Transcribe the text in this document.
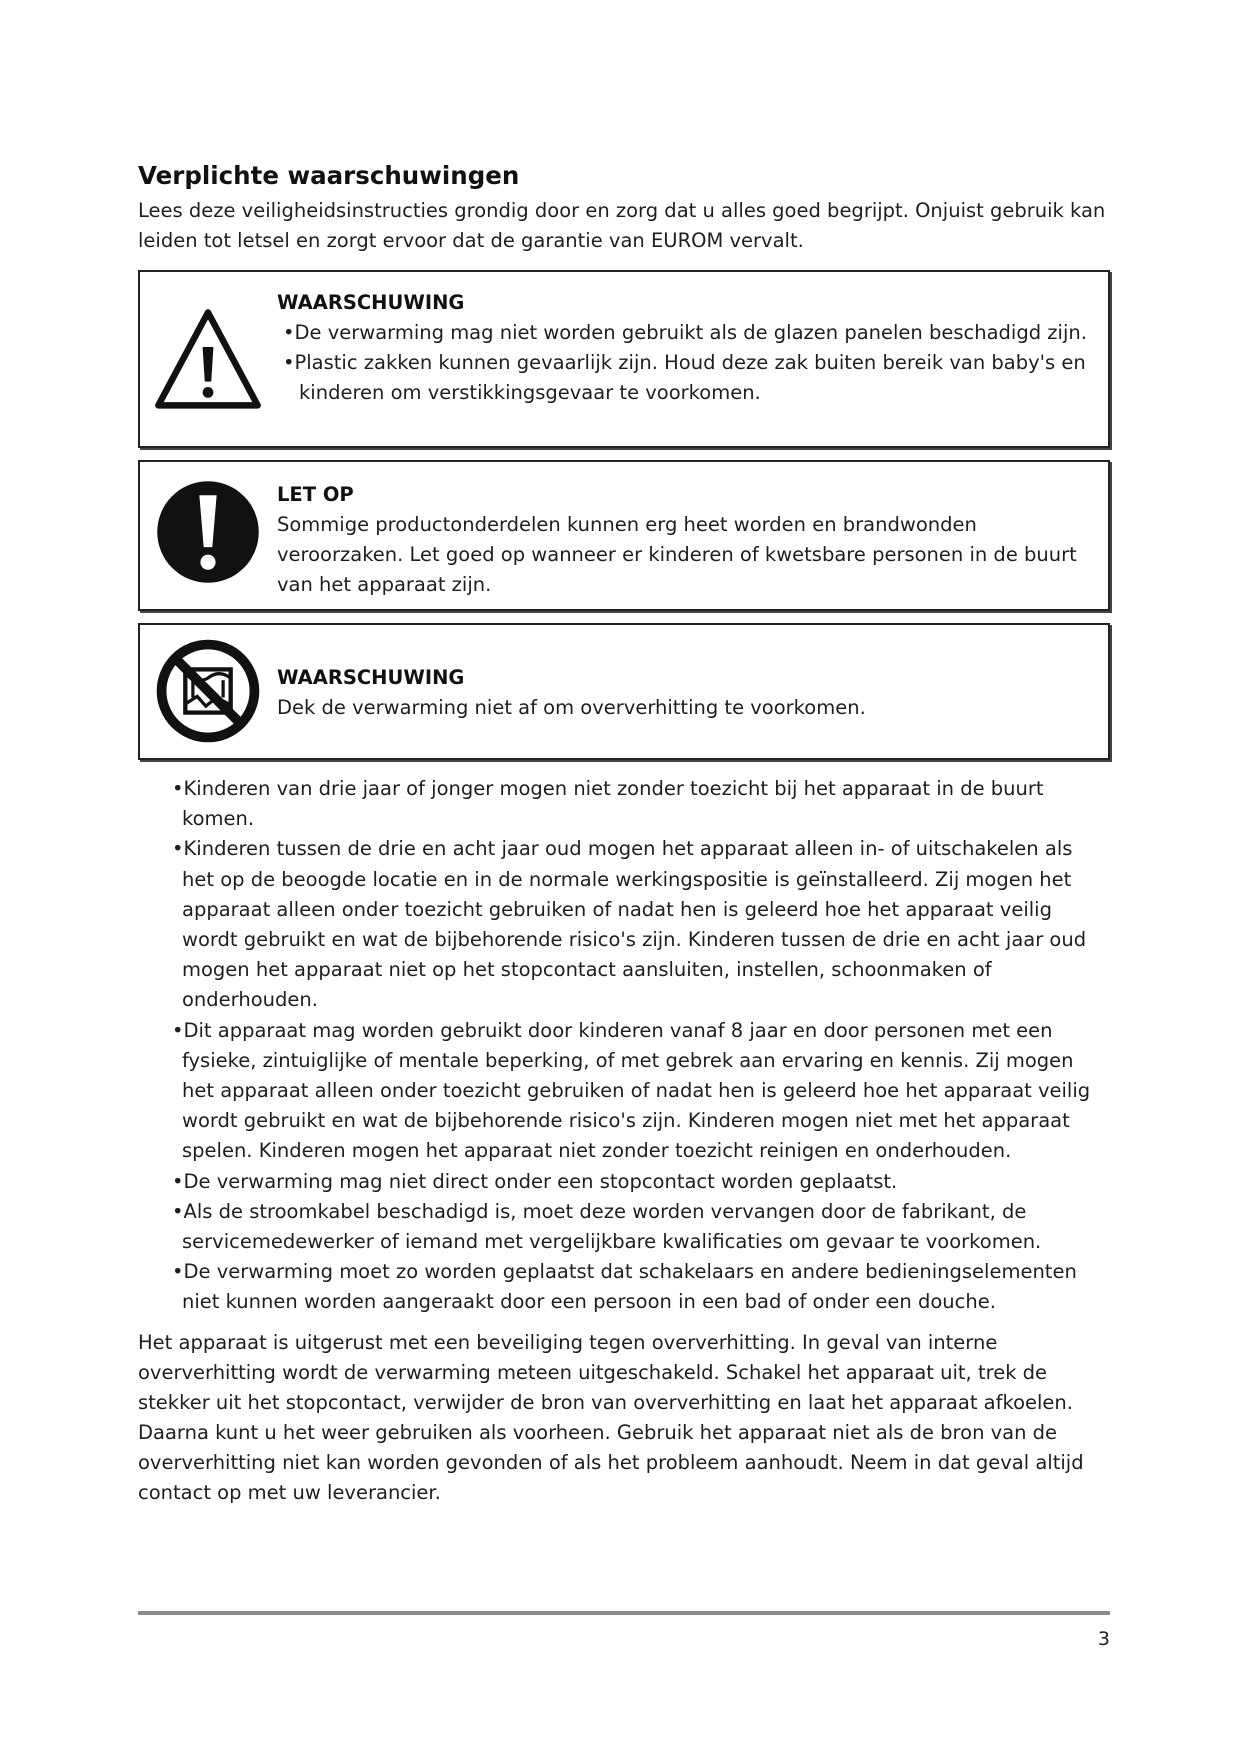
Verplichte waarschuwingen

Lees deze veiligheidsinstructies grondig door en zorg dat u alles goed begrijpt. Onjuist gebruik kan leiden tot letsel en zorgt ervoor dat de garantie van EUROM vervalt.

WAARSCHUWING

•De verwarming mag niet worden gebruikt als de glazen panelen beschadigd zijn.

•Plastic zakken kunnen gevaarlijk zijn. Houd deze zak buiten bereik van baby's en kinderen om verstikkingsgevaar te voorkomen.

LET OP

Sommige productonderdelen kunnen erg heet worden en brandwonden veroorzaken. Let goed op wanneer er kinderen of kwetsbare personen in de buurt van het apparaat zijn.

WAARSCHUWING

Dek de verwarming niet af om oververhitting te voorkomen.

•Kinderen van drie jaar of jonger mogen niet zonder toezicht bij het apparaat in de buurt komen.
•Kinderen tussen de drie en acht jaar oud mogen het apparaat alleen in- of uitschakelen als het op de beoogde locatie en in de normale werkingspositie is geïnstalleerd. Zij mogen het apparaat alleen onder toezicht gebruiken of nadat hen is geleerd hoe het apparaat veilig wordt gebruikt en wat de bijbehorende risico's zijn. Kinderen tussen de drie en acht jaar oud mogen het apparaat niet op het stopcontact aansluiten, instellen, schoonmaken of onderhouden.
•Dit apparaat mag worden gebruikt door kinderen vanaf 8 jaar en door personen met een fysieke, zintuiglijke of mentale beperking, of met gebrek aan ervaring en kennis. Zij mogen het apparaat alleen onder toezicht gebruiken of nadat hen is geleerd hoe het apparaat veilig wordt gebruikt en wat de bijbehorende risico's zijn. Kinderen mogen niet met het apparaat spelen. Kinderen mogen het apparaat niet zonder toezicht reinigen en onderhouden.
•De verwarming mag niet direct onder een stopcontact worden geplaatst.
•Als de stroomkabel beschadigd is, moet deze worden vervangen door de fabrikant, de servicemedewerker of iemand met vergelijkbare kwalificaties om gevaar te voorkomen.
•De verwarming moet zo worden geplaatst dat schakelaars en andere bedieningselementen niet kunnen worden aangeraakt door een persoon in een bad of onder een douche.

Het apparaat is uitgerust met een beveiliging tegen oververhitting. In geval van interne oververhitting wordt de verwarming meteen uitgeschakeld. Schakel het apparaat uit, trek de stekker uit het stopcontact, verwijder de bron van oververhitting en laat het apparaat afkoelen. Daarna kunt u het weer gebruiken als voorheen. Gebruik het apparaat niet als de bron van de oververhitting niet kan worden gevonden of als het probleem aanhoudt. Neem in dat geval altijd contact op met uw leverancier.

3
